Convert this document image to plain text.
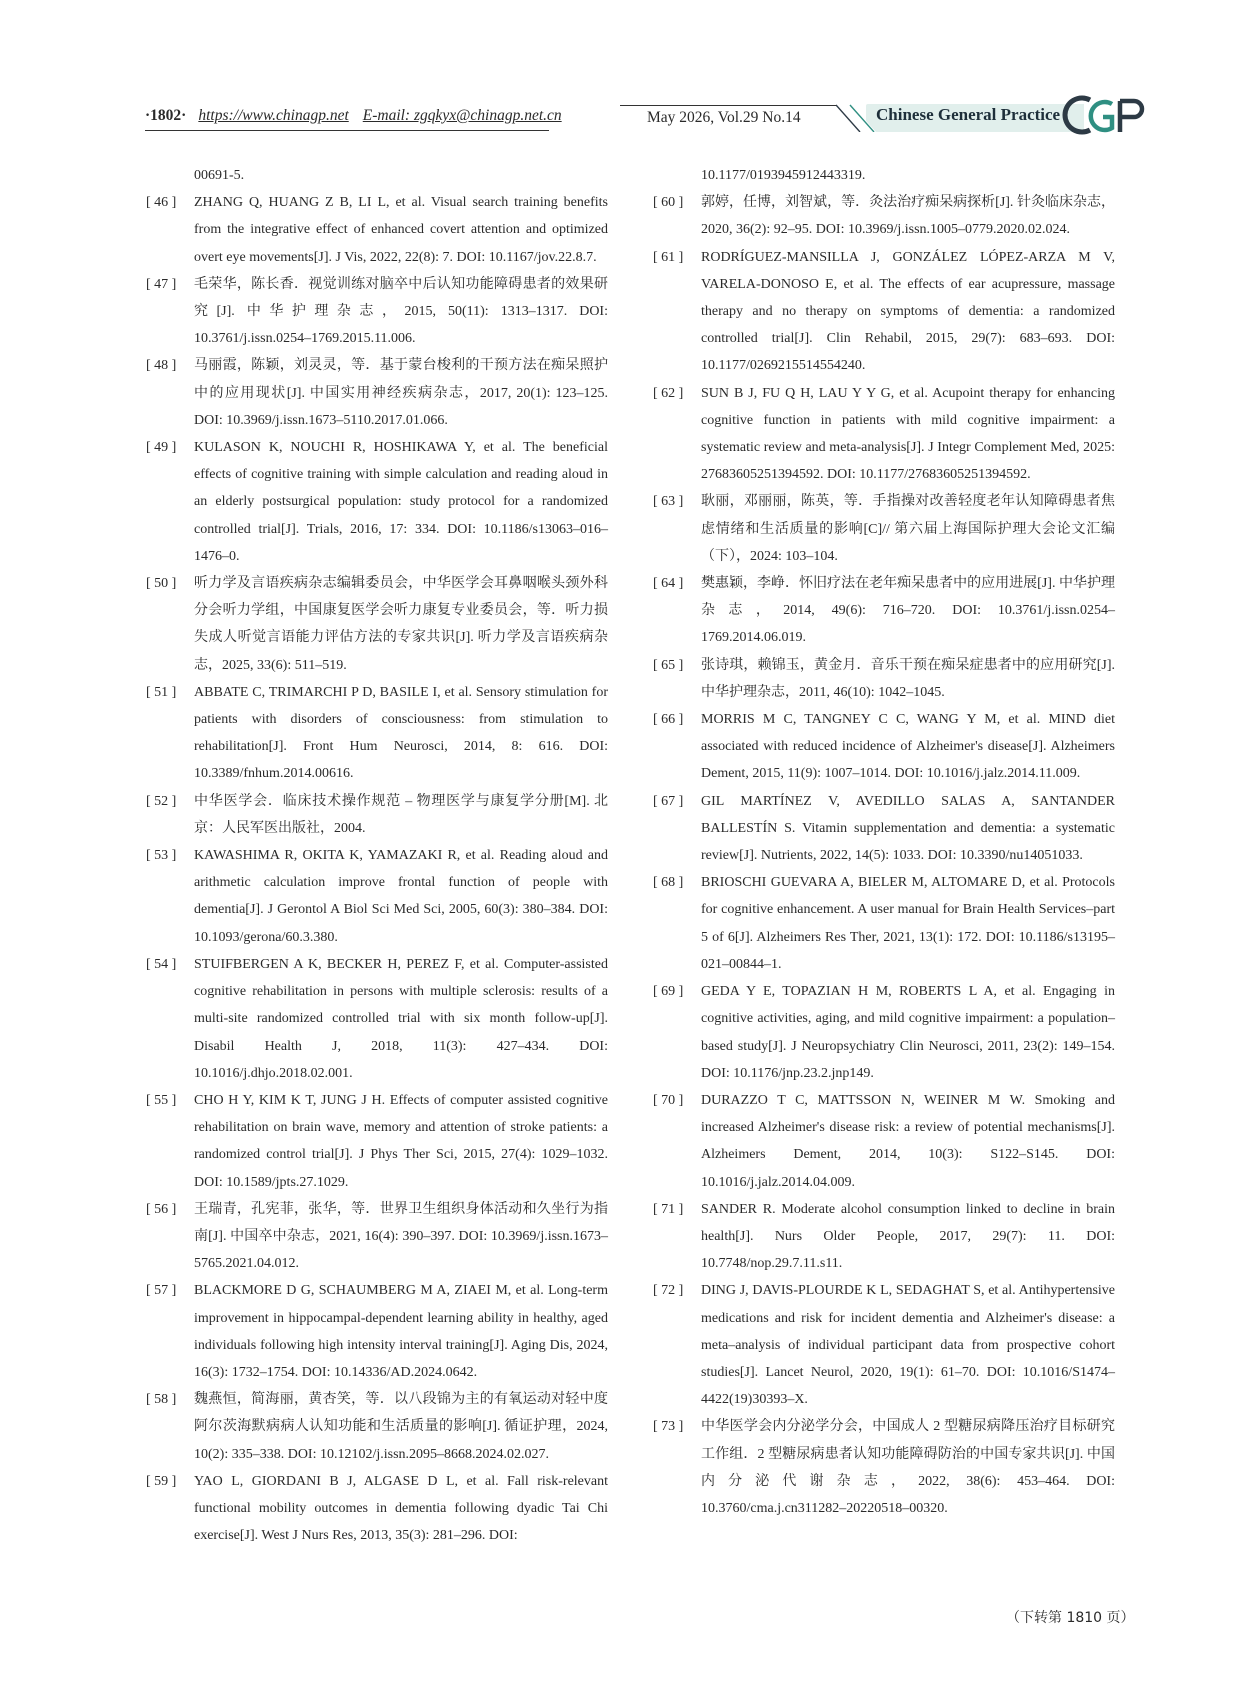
·1802· https://www.chinagp.net E-mail: zgqkyx@chinagp.net.cn	May 2026, Vol.29 No.14	Chinese General Practice
00691-5.
[ 46 ] ZHANG Q, HUANG Z B, LI L, et al. Visual search training benefits from the integrative effect of enhanced covert attention and optimized overt eye movements[J]. J Vis, 2022, 22(8): 7. DOI: 10.1167/jov.22.8.7.
[ 47 ] 毛荣华，陈长香．视觉训练对脑卒中后认知功能障碍患者的效果研究[J]. 中华护理杂志，2015, 50(11): 1313–1317. DOI: 10.3761/j.issn.0254–1769.2015.11.006.
[ 48 ] 马丽霞，陈颖，刘灵灵，等．基于蒙台梭利的干预方法在痴呆照护中的应用现状[J]. 中国实用神经疾病杂志，2017, 20(1): 123–125. DOI: 10.3969/j.issn.1673–5110.2017.01.066.
[ 49 ] KULASON K, NOUCHI R, HOSHIKAWA Y, et al. The beneficial effects of cognitive training with simple calculation and reading aloud in an elderly postsurgical population: study protocol for a randomized controlled trial[J]. Trials, 2016, 17: 334. DOI: 10.1186/s13063–016–1476–0.
[ 50 ] 听力学及言语疾病杂志编辑委员会，中华医学会耳鼻咽喉头颈外科分会听力学组，中国康复医学会听力康复专业委员会，等．听力损失成人听觉言语能力评估方法的专家共识[J]. 听力学及言语疾病杂志，2025, 33(6): 511–519.
[ 51 ] ABBATE C, TRIMARCHI P D, BASILE I, et al. Sensory stimulation for patients with disorders of consciousness: from stimulation to rehabilitation[J]. Front Hum Neurosci, 2014, 8: 616. DOI: 10.3389/fnhum.2014.00616.
[ 52 ] 中华医学会．临床技术操作规范 – 物理医学与康复学分册[M]. 北京：人民军医出版社，2004.
[ 53 ] KAWASHIMA R, OKITA K, YAMAZAKI R, et al. Reading aloud and arithmetic calculation improve frontal function of people with dementia[J]. J Gerontol A Biol Sci Med Sci, 2005, 60(3): 380–384. DOI: 10.1093/gerona/60.3.380.
[ 54 ] STUIFBERGEN A K, BECKER H, PEREZ F, et al. Computer-assisted cognitive rehabilitation in persons with multiple sclerosis: results of a multi-site randomized controlled trial with six month follow-up[J]. Disabil Health J, 2018, 11(3): 427–434. DOI: 10.1016/j.dhjo.2018.02.001.
[ 55 ] CHO H Y, KIM K T, JUNG J H. Effects of computer assisted cognitive rehabilitation on brain wave, memory and attention of stroke patients: a randomized control trial[J]. J Phys Ther Sci, 2015, 27(4): 1029–1032. DOI: 10.1589/jpts.27.1029.
[ 56 ] 王瑞青，孔宪菲，张华，等．世界卫生组织身体活动和久坐行为指南[J]. 中国卒中杂志，2021, 16(4): 390–397. DOI: 10.3969/j.issn.1673–5765.2021.04.012.
[ 57 ] BLACKMORE D G, SCHAUMBERG M A, ZIAEI M, et al. Long-term improvement in hippocampal-dependent learning ability in healthy, aged individuals following high intensity interval training[J]. Aging Dis, 2024, 16(3): 1732–1754. DOI: 10.14336/AD.2024.0642.
[ 58 ] 魏燕恒，简海丽，黄杏笑，等．以八段锦为主的有氧运动对轻中度阿尔茨海默病病人认知功能和生活质量的影响[J]. 循证护理，2024, 10(2): 335–338. DOI: 10.12102/j.issn.2095–8668.2024.02.027.
[ 59 ] YAO L, GIORDANI B J, ALGASE D L, et al. Fall risk-relevant functional mobility outcomes in dementia following dyadic Tai Chi exercise[J]. West J Nurs Res, 2013, 35(3): 281–296. DOI:
10.1177/0193945912443319.
[ 60 ] 郭婷，任博，刘智斌，等．灸法治疗痴呆病探析[J]. 针灸临床杂志，2020, 36(2): 92–95. DOI: 10.3969/j.issn.1005–0779.2020.02.024.
[ 61 ] RODRÍGUEZ-MANSILLA J, GONZÁLEZ LÓPEZ-ARZA M V, VARELA-DONOSO E, et al. The effects of ear acupressure, massage therapy and no therapy on symptoms of dementia: a randomized controlled trial[J]. Clin Rehabil, 2015, 29(7): 683–693. DOI: 10.1177/0269215514554240.
[ 62 ] SUN B J, FU Q H, LAU Y Y G, et al. Acupoint therapy for enhancing cognitive function in patients with mild cognitive impairment: a systematic review and meta-analysis[J]. J Integr Complement Med, 2025: 27683605251394592. DOI: 10.1177/27683605251394592.
[ 63 ] 耿丽，邓丽丽，陈英，等．手指操对改善轻度老年认知障碍患者焦虑情绪和生活质量的影响[C]// 第六届上海国际护理大会论文汇编（下），2024: 103–104.
[ 64 ] 樊惠颖，李峥．怀旧疗法在老年痴呆患者中的应用进展[J]. 中华护理杂志，2014, 49(6): 716–720. DOI: 10.3761/j.issn.0254–1769.2014.06.019.
[ 65 ] 张诗琪，赖锦玉，黄金月．音乐干预在痴呆症患者中的应用研究[J]. 中华护理杂志，2011, 46(10): 1042–1045.
[ 66 ] MORRIS M C, TANGNEY C C, WANG Y M, et al. MIND diet associated with reduced incidence of Alzheimer's disease[J]. Alzheimers Dement, 2015, 11(9): 1007–1014. DOI: 10.1016/j.jalz.2014.11.009.
[ 67 ] GIL MARTÍNEZ V, AVEDILLO SALAS A, SANTANDER BALLESTÍN S. Vitamin supplementation and dementia: a systematic review[J]. Nutrients, 2022, 14(5): 1033. DOI: 10.3390/nu14051033.
[ 68 ] BRIOSCHI GUEVARA A, BIELER M, ALTOMARE D, et al. Protocols for cognitive enhancement. A user manual for Brain Health Services–part 5 of 6[J]. Alzheimers Res Ther, 2021, 13(1): 172. DOI: 10.1186/s13195–021–00844–1.
[ 69 ] GEDA Y E, TOPAZIAN H M, ROBERTS L A, et al. Engaging in cognitive activities, aging, and mild cognitive impairment: a population–based study[J]. J Neuropsychiatry Clin Neurosci, 2011, 23(2): 149–154. DOI: 10.1176/jnp.23.2.jnp149.
[ 70 ] DURAZZO T C, MATTSSON N, WEINER M W. Smoking and increased Alzheimer's disease risk: a review of potential mechanisms[J]. Alzheimers Dement, 2014, 10(3): S122–S145. DOI: 10.1016/j.jalz.2014.04.009.
[ 71 ] SANDER R. Moderate alcohol consumption linked to decline in brain health[J]. Nurs Older People, 2017, 29(7): 11. DOI: 10.7748/nop.29.7.11.s11.
[ 72 ] DING J, DAVIS-PLOURDE K L, SEDAGHAT S, et al. Antihypertensive medications and risk for incident dementia and Alzheimer's disease: a meta–analysis of individual participant data from prospective cohort studies[J]. Lancet Neurol, 2020, 19(1): 61–70. DOI: 10.1016/S1474–4422(19)30393–X.
[ 73 ] 中华医学会内分泌学分会，中国成人 2 型糖尿病降压治疗目标研究工作组．2 型糖尿病患者认知功能障碍防治的中国专家共识[J]. 中国内分泌代谢杂志，2022, 38(6): 453–464. DOI: 10.3760/cma.j.cn311282–20220518–00320.
（下转第 1810 页）
